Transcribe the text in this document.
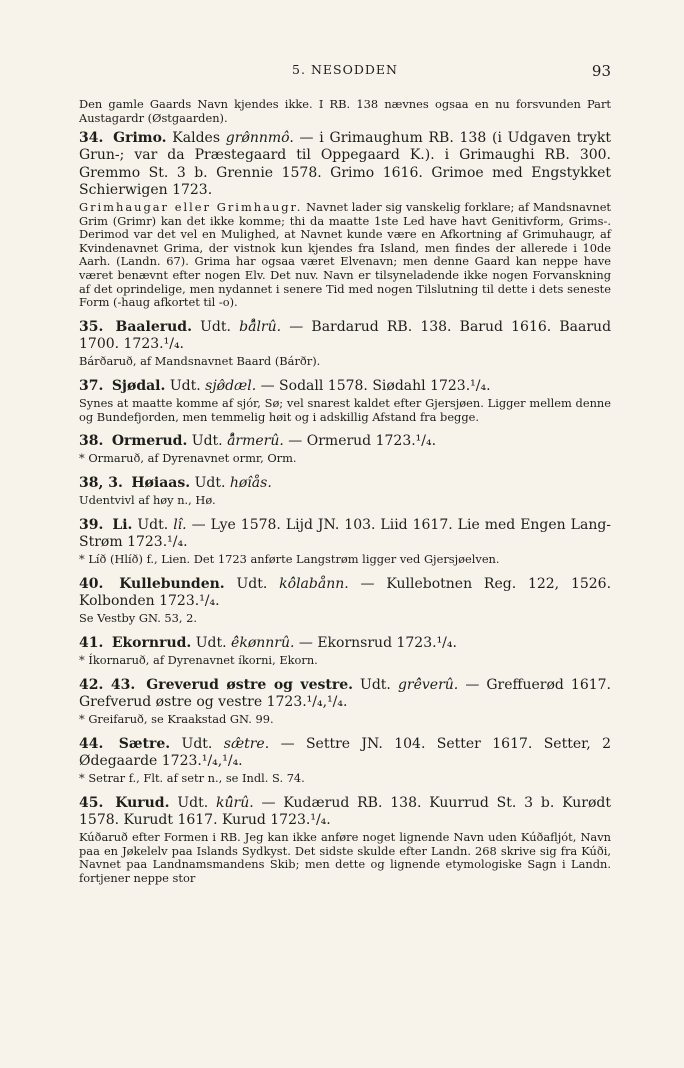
5. NESODDEN	93

Den gamle Gaards Navn kjendes ikke. I RB. 138 nævnes ogsaa en nu forsvunden Part Austagardr (Østgaarden).

34. Grimo. Kaldes grø̂nnmô. — i Grimaughum RB. 138 (i Udgaven trykt Grun-; var da Præstegaard til Oppegaard K.). i Grimaughi RB. 300. Gremmo St. 3 b. Grennie 1578. Grimo 1616. Grimoe med Engstykket Schierwigen 1723.

Grimhaugar eller Grimhaugr. Navnet lader sig vanskelig forklare; af Mandsnavnet Grim (Grimr) kan det ikke komme; thi da maatte 1ste Led have havt Genitivform, Grims-. Derimod var det vel en Mulighed, at Navnet kunde være en Afkortning af Grimuhaugr, af Kvindenavnet Grima, der vistnok kun kjendes fra Island, men findes der allerede i 10de Aarh. (Landn. 67). Grima har ogsaa været Elvenavn; men denne Gaard kan neppe have været benævnt efter nogen Elv. Det nuv. Navn er tilsyneladende ikke nogen Forvanskning af det oprindelige, men nydannet i senere Tid med nogen Tilslutning til dette i dets seneste Form (-haug afkortet til -o).

35. Baalerud. Udt. bå̂lrû. — Bardarud RB. 138. Barud 1616. Baarud 1700. 1723.¹/₄.

Bárðaruð, af Mandsnavnet Baard (Bárðr).

37. Sjødal. Udt. sjø̂dæl. — Sodall 1578. Siødahl 1723.¹/₄.

Synes at maatte komme af sjór, Sø; vel snarest kaldet efter Gjersjøen. Ligger mellem denne og Bundefjorden, men temmelig høit og i adskillig Afstand fra begge.

38. Ormerud. Udt. å̂rmerû. — Ormerud 1723.¹/₄.

* Ormaruð, af Dyrenavnet ormr, Orm.

38, 3. Høiaas. Udt. høîås.

Udentvivl af høy n., Hø.

39. Li. Udt. lî. — Lye 1578. Lijd JN. 103. Liid 1617. Lie med Engen Lang-Strøm 1723.¹/₄.

* Líð (Hlíð) f., Lien. Det 1723 anførte Langstrøm ligger ved Gjersjøelven.

40. Kullebunden. Udt. kô̂labånn. — Kullebotnen Reg. 122, 1526. Kolbonden 1723.¹/₄.

Se Vestby GN. 53, 2.

41. Ekornrud. Udt. ê̂kønnrû. — Ekornsrud 1723.¹/₄.

* Íkornaruð, af Dyrenavnet íkorni, Ekorn.

42. 43. Greverud østre og vestre. Udt. grê̂verû. — Greffuerød 1617. Grefverud østre og vestre 1723.¹/₄,¹/₄.

* Greifaruð, se Kraakstad GN. 99.

44. Sætre. Udt. sæ̂tre. — Settre JN. 104. Setter 1617. Setter, 2 Ødegaarde 1723.¹/₄,¹/₄.

* Setrar f., Flt. af setr n., se Indl. S. 74.

45. Kurud. Udt. kû̂rû. — Kudærud RB. 138. Kuurrud St. 3 b. Kurødt 1578. Kurudt 1617. Kurud 1723.¹/₄.

Kúðaruð efter Formen i RB. Jeg kan ikke anføre noget lignende Navn uden Kúðafljót, Navn paa en Jøkelelv paa Islands Sydkyst. Det sidste skulde efter Landn. 268 skrive sig fra Kúði, Navnet paa Landnamsmandens Skib; men dette og lignende etymologiske Sagn i Landn. fortjener neppe stor
